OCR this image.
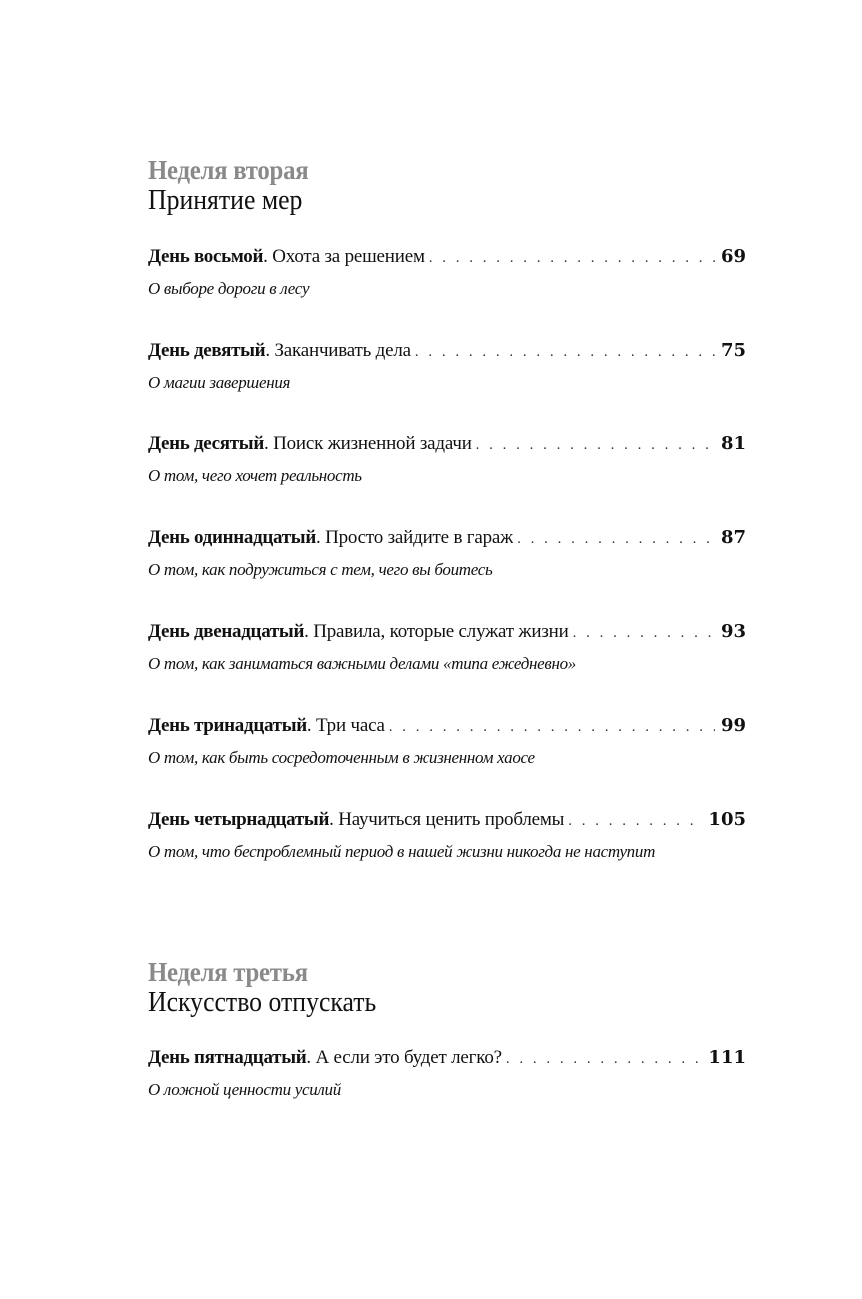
Неделя вторая
Принятие мер
День восьмой . Охота за решением . . .	69
О выборе дороги в лесу
День девятый . Заканчивать дела . . .	75
О магии завершения
День десятый . Поиск жизненной задачи . . .	81
О том, чего хочет реальность
День одиннадцатый . Просто зайдите в гараж . . .	87
О том, как подружиться с тем, чего вы боитесь
День двенадцатый . Правила, которые служат жизни . . .	93
О том, как заниматься важными делами «типа ежедневно»
День тринадцатый . Три часа . . .	99
О том, как быть сосредоточенным в жизненном хаосе
День четырнадцатый . Научиться ценить проблемы . . .	105
О том, что беспроблемный период в нашей жизни никогда не наступит
Неделя третья
Искусство отпускать
День пятнадцатый . А если это будет легко? . . .	111
О ложной ценности усилий
